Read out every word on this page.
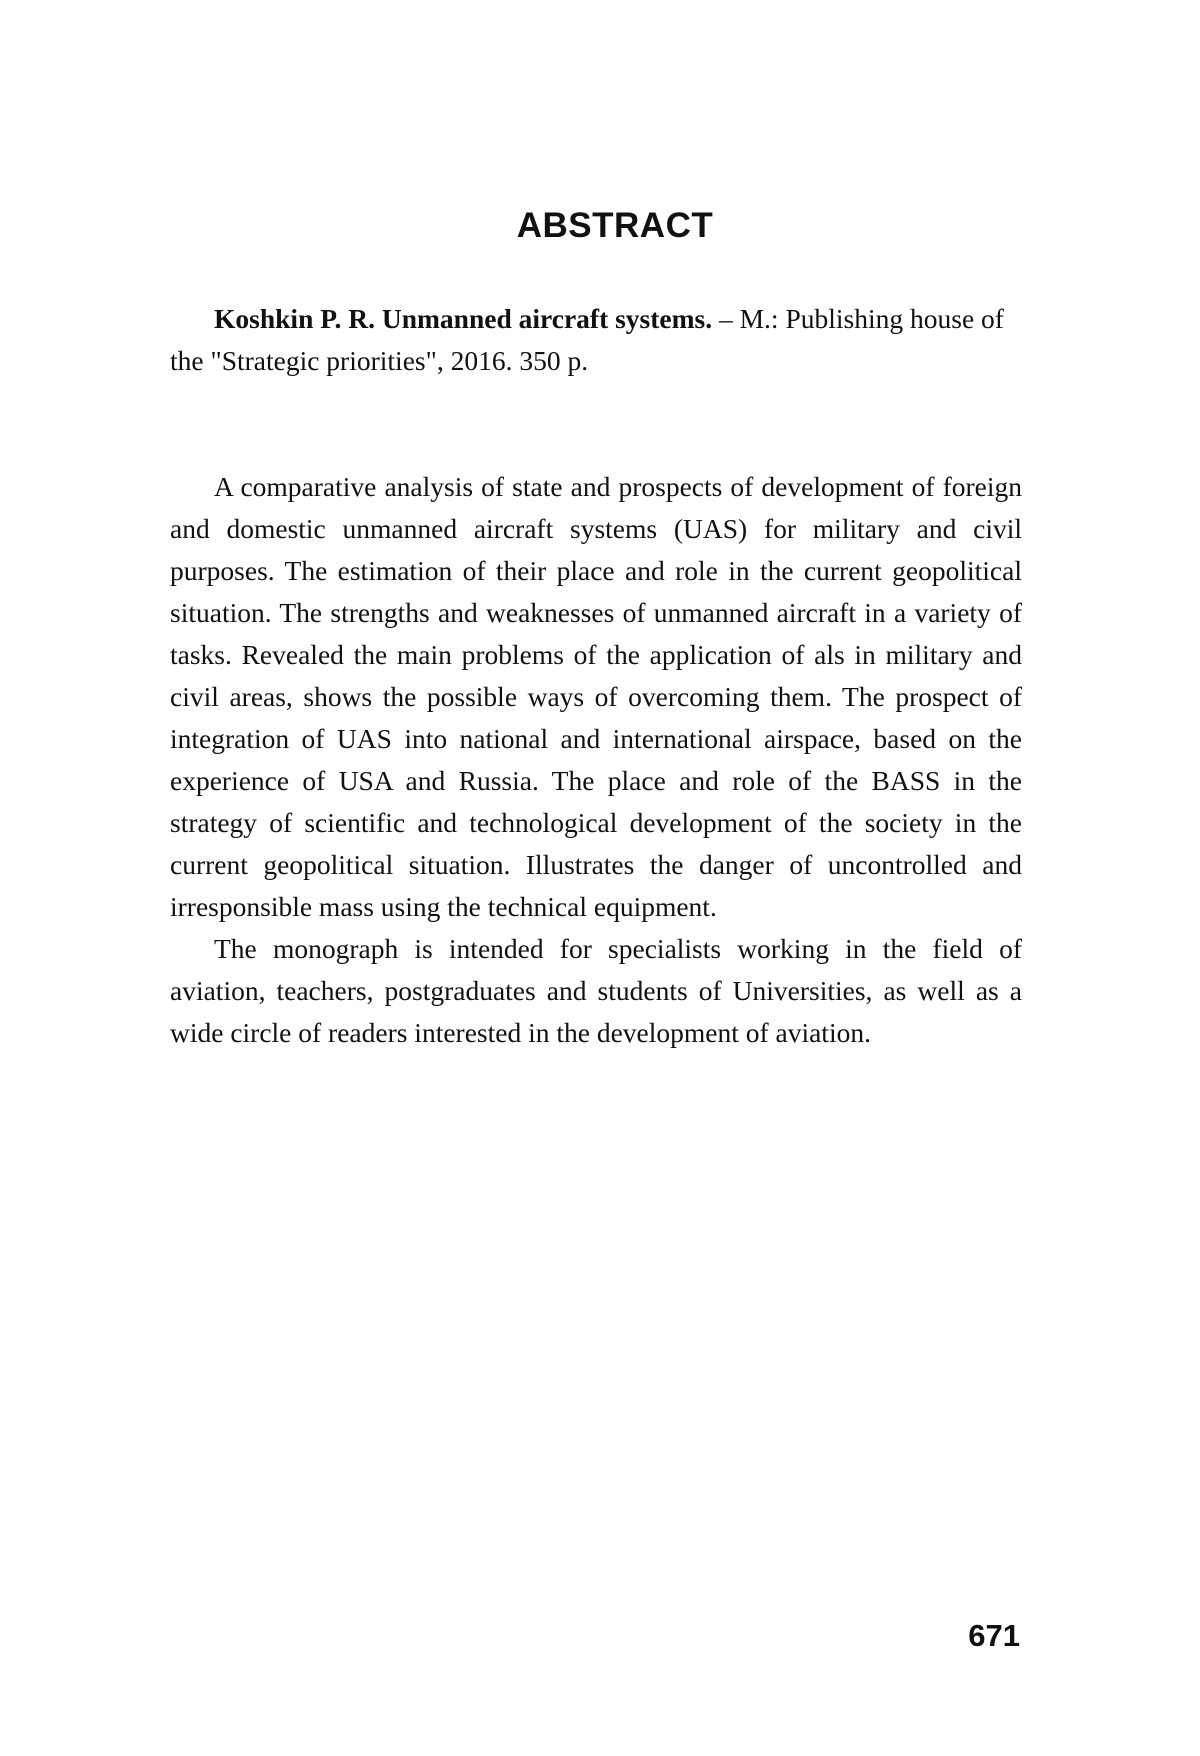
ABSTRACT

Koshkin P. R. Unmanned aircraft systems. – M.: Publishing house of the "Strategic priorities", 2016. 350 p.

A comparative analysis of state and prospects of development of foreign and domestic unmanned aircraft systems (UAS) for military and civil purposes. The estimation of their place and role in the current geopolitical situation. The strengths and weaknesses of unmanned aircraft in a variety of tasks. Revealed the main problems of the application of als in military and civil areas, shows the possible ways of overcoming them. The prospect of integration of UAS into national and international airspace, based on the experience of USA and Russia. The place and role of the BASS in the strategy of scientific and technological development of the society in the current geopolitical situation. Illustrates the danger of uncontrolled and irresponsible mass using the technical equipment.

The monograph is intended for specialists working in the field of aviation, teachers, postgraduates and students of Universities, as well as a wide circle of readers interested in the development of aviation.

671
